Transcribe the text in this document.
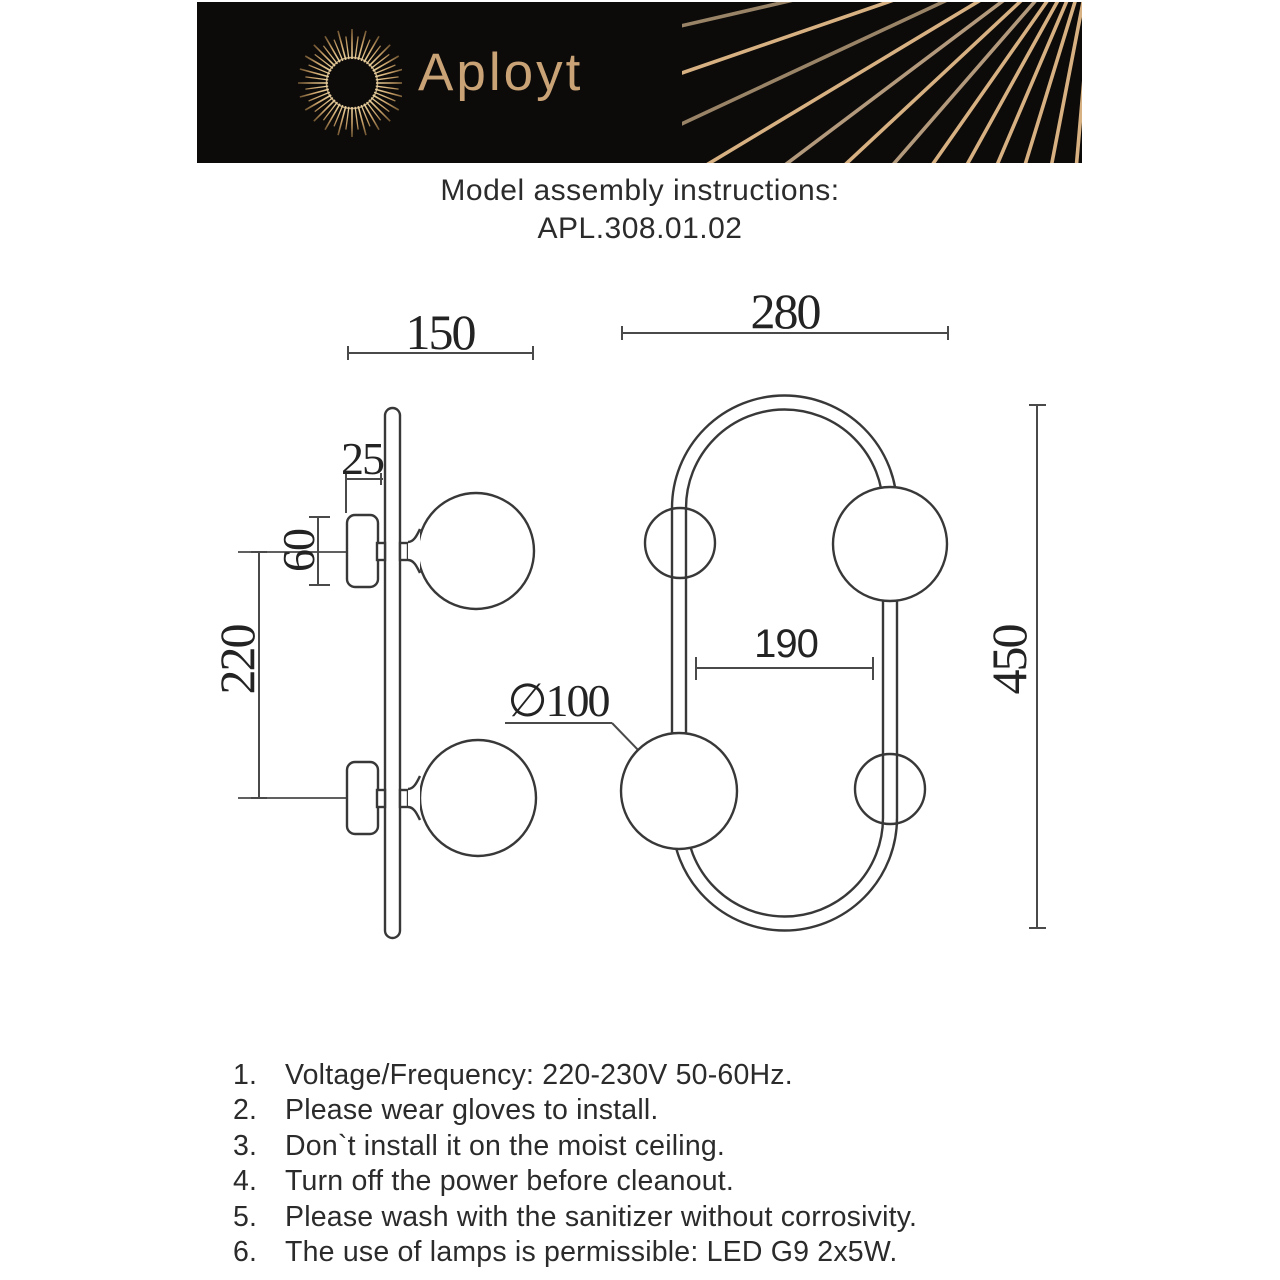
Aployt
Model assembly instructions:
APL.308.01.02
150
25
60
220
∅100
280
190	450
1. Voltage/Frequency: 220-230V 50-60Hz.
2. Please wear gloves to install.
3. Don`t install it on the moist ceiling.
4. Turn off the power before cleanout.
5. Please wash with the sanitizer without corrosivity.
6. The use of lamps is permissible: LED G9 2x5W.
